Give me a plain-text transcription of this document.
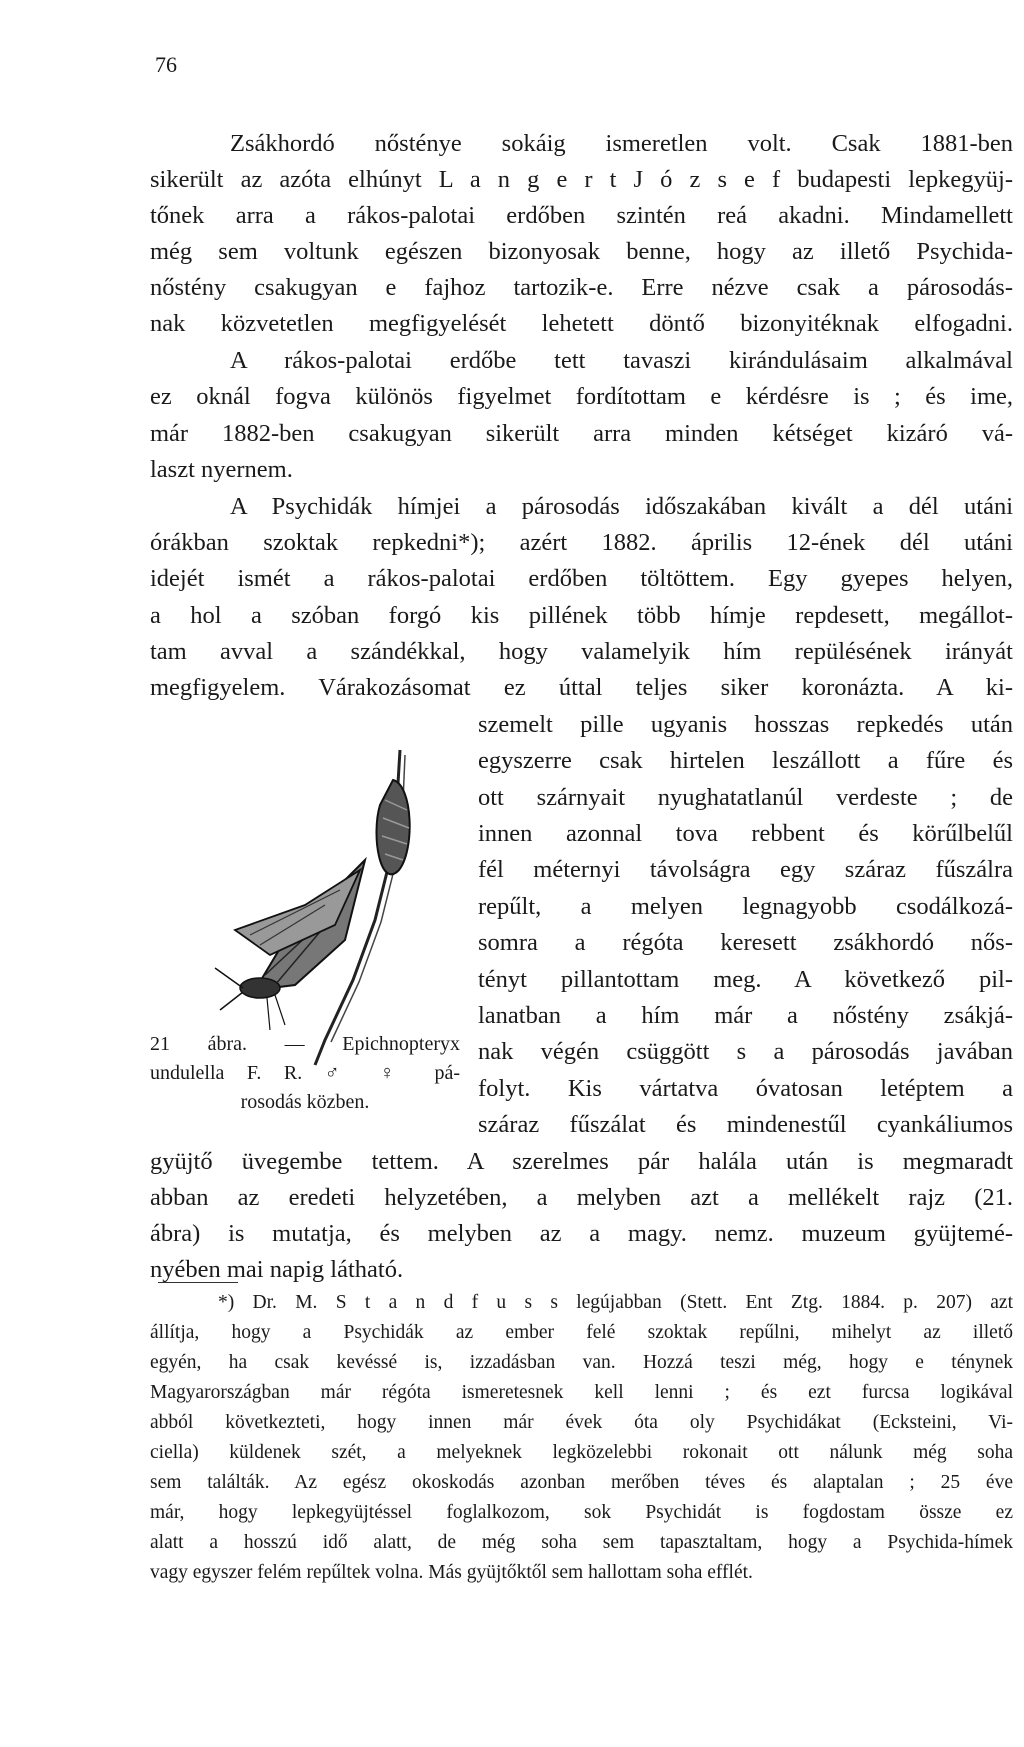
76
Zsákhordó nőstényе sokáig ismeretlen volt. Csak 1881-ben
sikerült az azóta elhúnyt L a n g e r t J ó z s e f budapesti lepkegyüj-
tőnek arra a rákos-palotai erdőben szintén reá akadni. Mindamellett
még sem voltunk egészen bizonyosak benne, hogy az illető Psychida-
nőstény csakugyan e fajhoz tartozik-e. Erre nézve csak a párosodás-
nak közvetetlen megfigyelését lehetett döntő bizonyitéknak elfogadni.
A rákos-palotai erdőbe tett tavaszi kirándulásaim alkalmával
ez oknál fogva különös figyelmet fordítottam e kérdésre is ; és ime,
már 1882-ben csakugyan sikerült arra minden kétséget kizáró vá-
laszt nyernem.
A Psychidák hímjei a párosodás időszakában kivált a dél utáni
órákban szoktak repkedni*); azért 1882. április 12-ének dél utáni
idejét ismét a rákos-palotai erdőben töltöttem. Egy gyepes helyen,
a hol a szóban forgó kis pillének több hímje repdesett, megállot-
tam avval a szándékkal, hogy valamelyik hím repülésének irányát
megfigyelem. Várakozásomat ez úttal teljes siker koronázta. A ki-
szemelt pille ugyanis hosszas repkedés után
egyszerre csak hirtelen leszállott a fűre és
ott szárnyait nyughatatlanúl verdeste ; de
innen azonnal tova rebbent és körűlbelűl
fél méternyi távolságra egy száraz fűszálra
repűlt, a melyen legnagyobb csodálkozá-
somra a régóta keresett zsákhordó nős-
tényt pillantottam meg. A következő pil-
lanatban a hím már a nőstény zsákjá-
nak végén csüggött s a párosodás javában
folyt. Kis vártatva óvatosan letéptem a
száraz fűszálat és mindenestűl cyankáliumos
21 ábra. — Epichnopteryx
undulella F. R. ♂ ♀ pá-
rosodás közben.
gyüjtő üvegembe tettem. A szerelmes pár halála után is megmaradt
abban az eredeti helyzetében, a melyben azt a mellékelt rajz (21.
ábra) is mutatja, és melyben az a magy. nemz. muzeum gyüjtemé-
nyében mai napig látható.
*) Dr. M. S t a n d f u s s legújabban (Stett. Ent Ztg. 1884. p. 207) azt
állítja, hogy a Psychidák az ember felé szoktak repűlni, mihelyt az illető
egyén, ha csak kevéssé is, izzadásban van. Hozzá teszi még, hogy e ténynek
Magyarországban már régóta ismeretesnek kell lenni ; és ezt furcsa logikával
abból következteti, hogy innen már évek óta oly Psychidákat (Ecksteini, Vi-
ciella) küldenek szét, a melyeknek legközelebbi rokonait ott nálunk még soha
sem találták. Az egész okoskodás azonban merőben téves és alaptalan ; 25 éve
már, hogy lepkegyüjtéssel foglalkozom, sok Psychidát is fogdostam össze ez
alatt a hosszú idő alatt, de még soha sem tapasztaltam, hogy a Psychida-hímek
vagy egyszer felém repűltek volna. Más gyüjtőktől sem hallottam soha efflét.
